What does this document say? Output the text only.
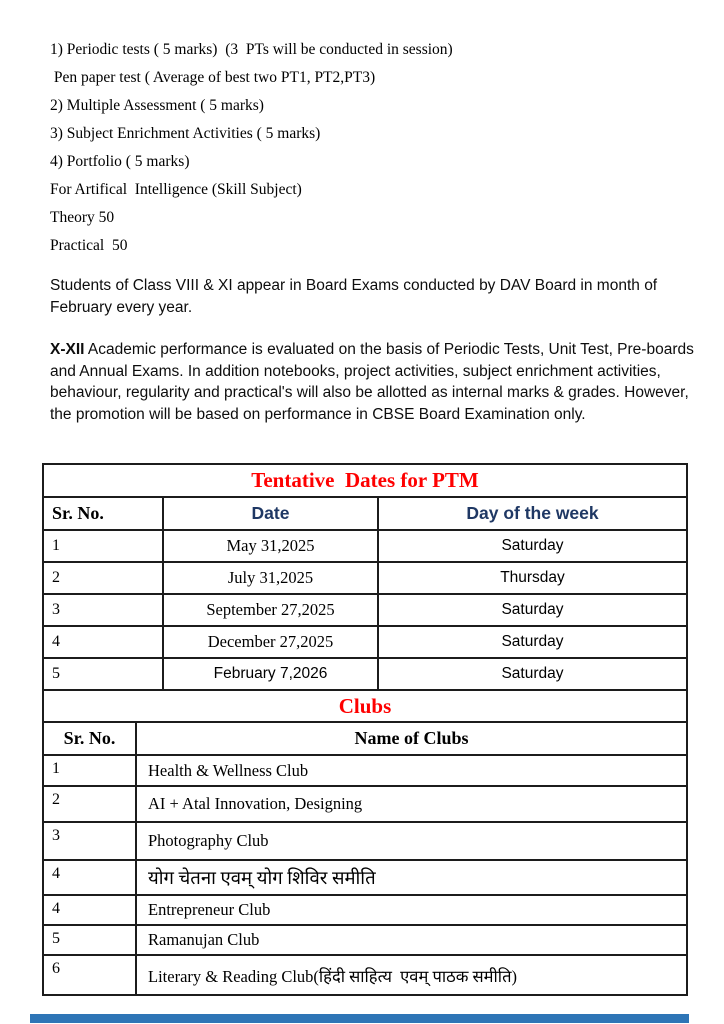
1) Periodic tests ( 5 marks)  (3  PTs will be conducted in session)

Pen paper test ( Average of best two PT1, PT2,PT3)

2) Multiple Assessment ( 5 marks)

3) Subject Enrichment Activities ( 5 marks)

4) Portfolio ( 5 marks)

For Artifical  Intelligence (Skill Subject)

Theory 50

Practical  50

Students of Class VIII & XI appear in Board Exams conducted by DAV Board in month of February every year.

X-XII Academic performance is evaluated on the basis of Periodic Tests, Unit Test, Pre-boards and Annual Exams. In addition notebooks, project activities, subject enrichment activities, behaviour, regularity and practical's will also be allotted as internal marks & grades. However, the promotion will be based on performance in CBSE Board Examination only.

Tentative  Dates for PTM
Sr. No.	Date	Day of the week
1	May 31,2025	Saturday
2	July 31,2025	Thursday
3	September 27,2025	Saturday
4	December 27,2025	Saturday
5	February 7,2026	Saturday
Clubs
Sr. No.	Name of Clubs
1	Health & Wellness Club
2	AI + Atal Innovation, Designing
3	Photography Club
4	योग चेतना एवम् योग शिविर समीति
4	Entrepreneur Club
5	Ramanujan Club
6	Literary & Reading Club(हिंदी साहित्य  एवम् पाठक समीति)
